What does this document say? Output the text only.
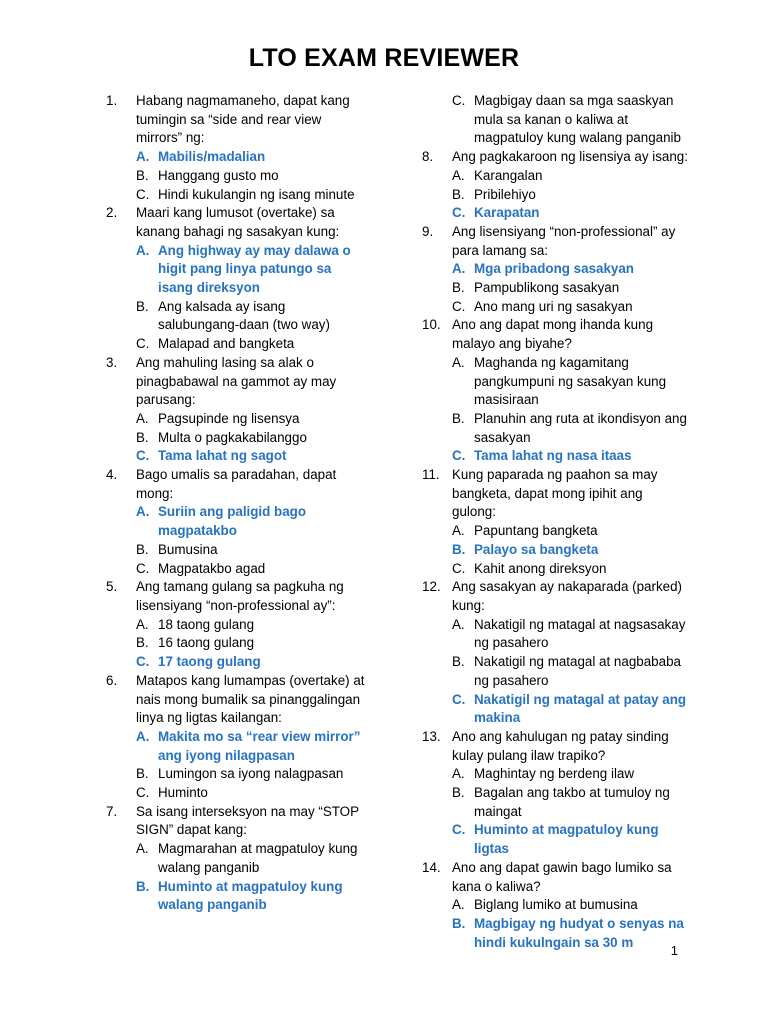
LTO EXAM REVIEWER
1.	Habang nagmamaneho, dapat kang tumingin sa “side and rear view mirrors” ng:
A. Mabilis/madalian
B. Hanggang gusto mo
C. Hindi kukulangin ng isang minute
2.	Maari kang lumusot (overtake) sa kanang bahagi ng sasakyan kung:
A. Ang highway ay may dalawa o higit pang linya patungo sa isang direksyon
B. Ang kalsada ay isang salubungang-daan (two way)
C. Malapad and bangketa
3.	Ang mahuling lasing sa alak o pinagbabawal na gammot ay may parusang:
A. Pagsupinde ng lisensya
B. Multa o pagkakabilanggo
C. Tama lahat ng sagot
4.	Bago umalis sa paradahan, dapat mong:
A. Suriin ang paligid bago magpatakbo
B. Bumusina
C. Magpatakbo agad
5.	Ang tamang gulang sa pagkuha ng lisensiyang “non-professional ay”:
A. 18 taong gulang
B. 16 taong gulang
C. 17 taong gulang
6.	Matapos kang lumampas (overtake) at nais mong bumalik sa pinanggalingan linya ng ligtas kailangan:
A. Makita mo sa “rear view mirror” ang iyong nilagpasan
B. Lumingon sa iyong nalagpasan
C. Huminto
7.	Sa isang interseksyon na may “STOP SIGN” dapat kang:
A. Magmarahan at magpatuloy kung walang panganib
B. Huminto at magpatuloy kung walang panganib
C. Magbigay daan sa mga saaskyan mula sa kanan o kaliwa at magpatuloy kung walang panganib
8.	Ang pagkakaroon ng lisensiya ay isang:
A. Karangalan
B. Pribilehiyo
C. Karapatan
9.	Ang lisensiyang “non-professional” ay para lamang sa:
A. Mga pribadong sasakyan
B. Pampublikong sasakyan
C. Ano mang uri ng sasakyan
10. Ano ang dapat mong ihanda kung malayo ang biyahe?
A. Maghanda ng kagamitang pangkumpuni ng sasakyan kung masisiraan
B. Planuhin ang ruta at ikondisyon ang sasakyan
C. Tama lahat ng nasa itaas
11. Kung paparada ng paahon sa may bangketa, dapat mong ipihit ang gulong:
A. Papuntang bangketa
B. Palayo sa bangketa
C. Kahit anong direksyon
12. Ang sasakyan ay nakaparada (parked) kung:
A. Nakatigil ng matagal at nagsasakay ng pasahero
B. Nakatigil ng matagal at nagbababa ng pasahero
C. Nakatigil ng matagal at patay ang makina
13. Ano ang kahulugan ng patay sinding kulay pulang ilaw trapiko?
A. Maghintay ng berdeng ilaw
B. Bagalan ang takbo at tumuloy ng maingat
C. Huminto at magpatuloy kung ligtas
14. Ano ang dapat gawin bago lumiko sa kana o kaliwa?
A. Biglang lumiko at bumusina
B. Magbigay ng hudyat o senyas na hindi kukulngain sa 30 m
1
